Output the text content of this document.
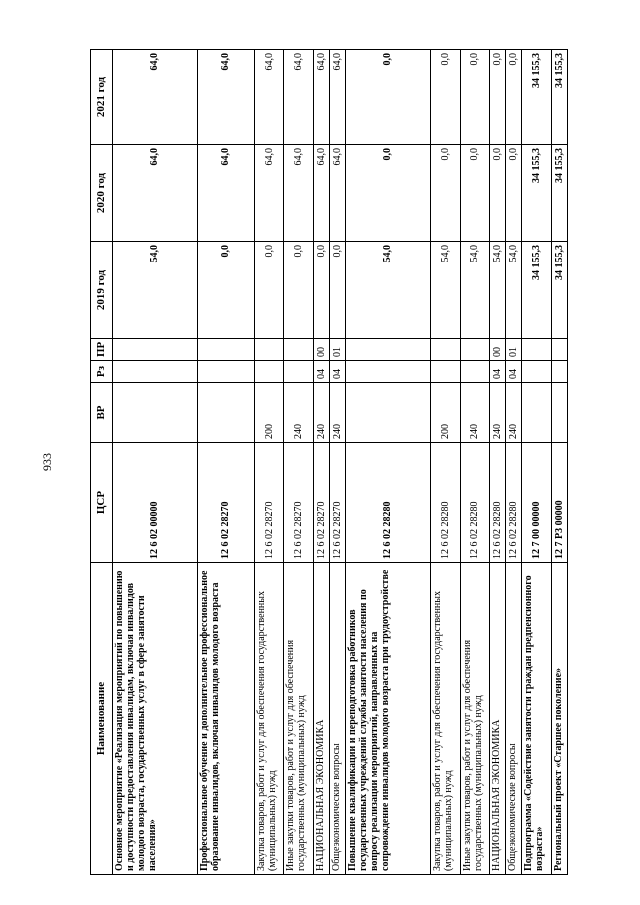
933
Наименование	ЦСР	ВР	Рз	ПР	2019 год	2020 год	2021 год
Основное мероприятие «Реализация мероприятий по повышению и доступности предоставления инвалидам, включая инвалидов молодого возраста, государственных услуг в сфере занятости населения»	12 6 02 00000				54,0	64,0	64,0
Профессиональное обучение и дополнительное профессиональное образование инвалидов, включая инвалидов молодого возраста	12 6 02 28270				0,0	64,0	64,0
Закупка товаров, работ и услуг для обеспечения государственных (муниципальных) нужд	12 6 02 28270	200			0,0	64,0	64,0
Иные закупки товаров, работ и услуг для обеспечения государственных (муниципальных) нужд	12 6 02 28270	240			0,0	64,0	64,0
НАЦИОНАЛЬНАЯ ЭКОНОМИКА	12 6 02 28270	240	04	00	0,0	64,0	64,0
Общеэкономические вопросы	12 6 02 28270	240	04	01	0,0	64,0	64,0
Повышение квалификации и переподготовка работников государственных учреждений службы занятости населения по вопросу реализации мероприятий, направленных на сопровождение инвалидов молодого возраста при трудоустройстве	12 6 02 28280				54,0	0,0	0,0
Закупка товаров, работ и услуг для обеспечения государственных (муниципальных) нужд	12 6 02 28280	200			54,0	0,0	0,0
Иные закупки товаров, работ и услуг для обеспечения государственных (муниципальных) нужд	12 6 02 28280	240			54,0	0,0	0,0
НАЦИОНАЛЬНАЯ ЭКОНОМИКА	12 6 02 28280	240	04	00	54,0	0,0	0,0
Общеэкономические вопросы	12 6 02 28280	240	04	01	54,0	0,0	0,0
Подпрограмма «Содействие занятости граждан предпенсионного возраста»	12 7 00 00000				34 155,3	34 155,3	34 155,3
Региональный проект «Старшее поколение»	12 7 P3 00000				34 155,3	34 155,3	34 155,3
